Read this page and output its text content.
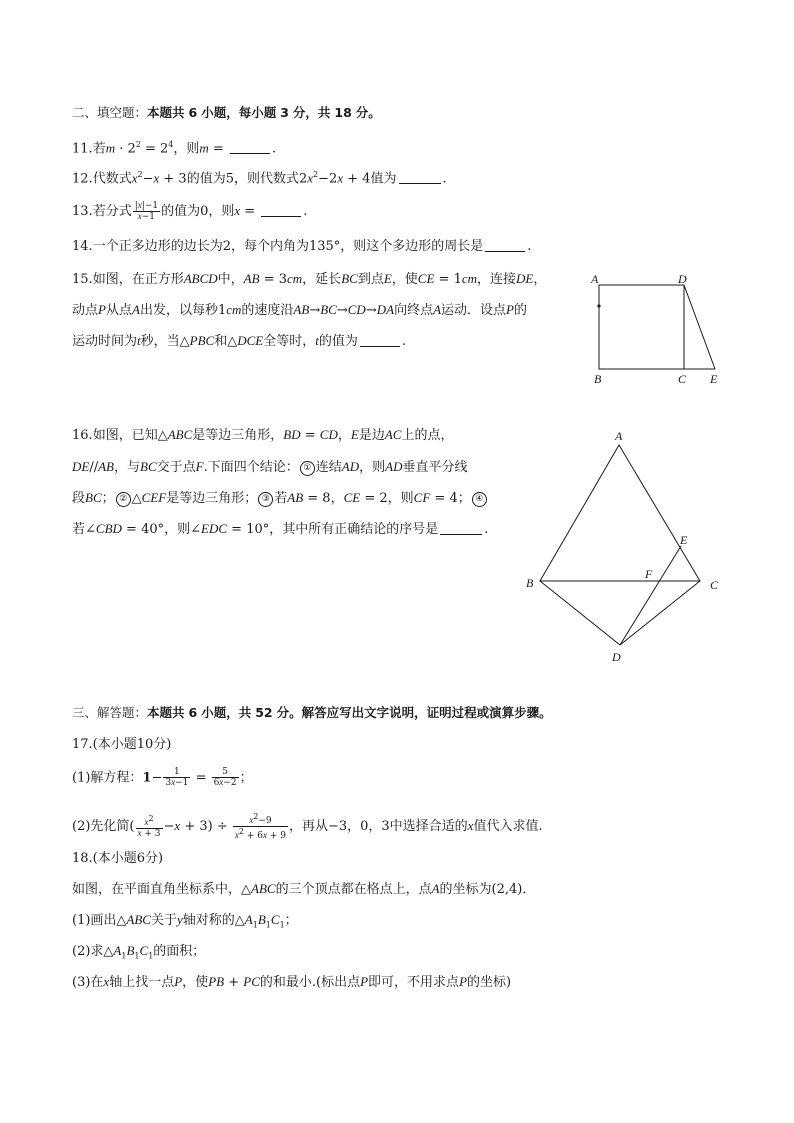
二、填空题：本题共 6 小题，每小题 3 分，共 18 分。
11.若$m \cdot 2^2 = 2^4$，则m =	.
12.代数式$x^2-x + 3$的值为5，则代数式$2x^2-2x + 4$值为	.
13.若分式 $\frac{|x|-1}{x-1}$ 的值为0，则x =	.
14.一个正多边形的边长为2，每个内角为135°，则这个多边形的周长是	.
15.如图，在正方形ABCD中，AB = 3cm，延长BC到点E，使CE = 1cm，连接DE，
动点P从点A出发，以每秒1cm的速度沿AB→BC→CD→DA向终点A运动．设点P的
运动时间为t秒，当△PBC和△DCE全等时，t的值为	.
A	D
B	C E
16.如图，已知△ABC是等边三角形，BD = CD，E是边AC上的点，
DE//AB，与BC交于点F.下面四个结论： ① 连结AD，则AD垂直平分线
段BC； ② △CEF是等边三角形； ③ 若AB = 8，CE = 2，则CF = 4； ④
若∠CBD = 40°，则∠EDC = 10°，其中所有正确结论的序号是	.
A
E
B
F
C
D
三、解答题：本题共 6 小题，共 52 分。解答应写出文字说明，证明过程或演算步骤。
17.(本小题10分)
(1)解方程：$1- \frac{1}{3x-1} = \frac{5}{6x-2}$ ；
(2)先化简( $\frac{x^2}{x + 3} -x + 3) \div \frac{x^2-9}{x^2 + 6x + 9}$ ，再从−3，0，3中选择合适的x值代入求值.
18.(本小题6分)
如图，在平面直角坐标系中，△ABC的三个顶点都在格点上，点A的坐标为(2,4)．
(1)画出△ABC关于y轴对称的$\triangle A_1B_1C_1$；
(2)求$\triangle A_1B_1C_1$的面积；
(3)在x轴上找一点P，使PB + PC的和最小.(标出点P即可，不用求点P的坐标)
